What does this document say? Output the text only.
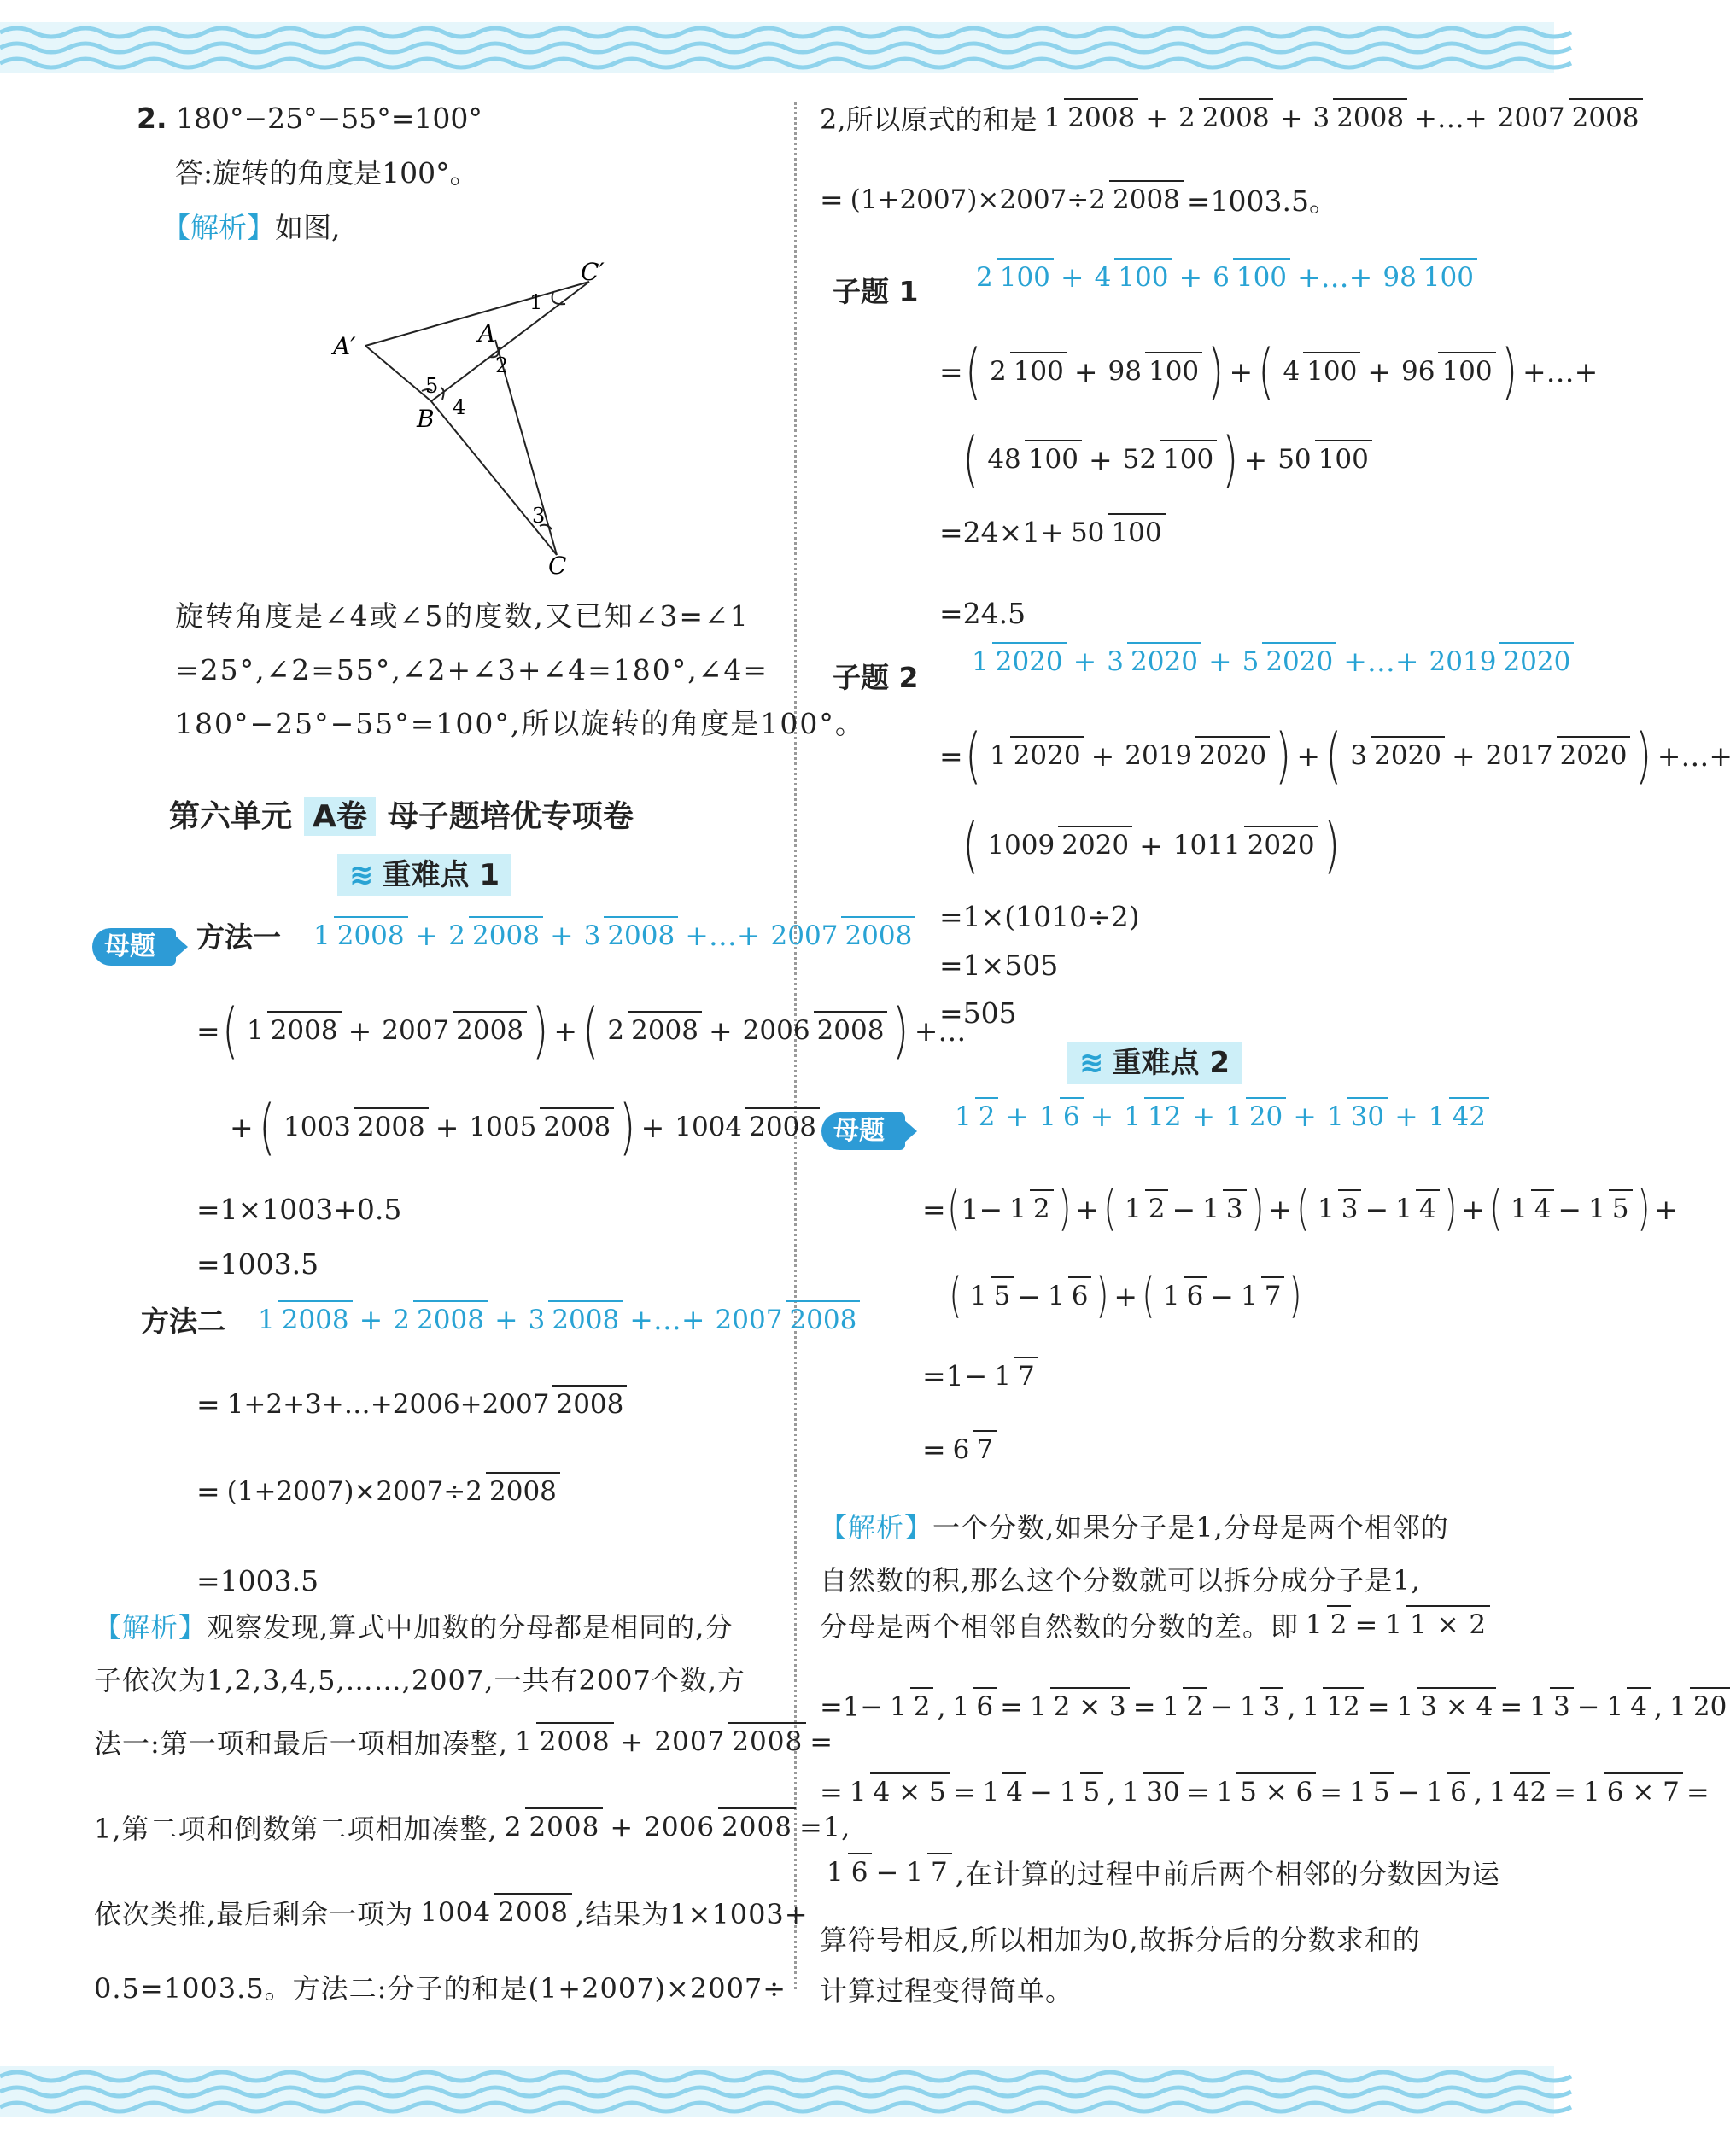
2. 180°−25°−55°=100°
答:旋转的角度是100°。
【解析】如图,
A′	A
B
C
C′
1
2
3
4
5
旋转角度是∠4或∠5的度数,又已知∠3=∠1
=25°,∠2=55°,∠2+∠3+∠4=180°,∠4=
180°−25°−55°=100°,所以旋转的角度是100°。
第六单元 A卷 母子题培优专项卷
≋ 重难点 1
母题	方法一 1 2008 + 2 2008 + 3 2008 +…+ 2007 2008
= ( 1 2008 + 2007 2008 ) + ( 2 2008 + 2006 2008 ) +…
+ ( 1003 2008 + 1005 2008 ) + 1004 2008
=1×1003+0.5
=1003.5
方法二 1 2008 + 2 2008 + 3 2008 +…+ 2007 2008
= 1+2+3+…+2006+2007 2008
= (1+2007)×2007÷2 2008
=1003.5
【解析】观察发现,算式中加数的分母都是相同的,分
子依次为1,2,3,4,5,……,2007,一共有2007个数,方
法一:第一项和最后一项相加凑整, 1 2008 + 2007 2008 =
1,第二项和倒数第二项相加凑整, 2 2008 + 2006 2008 =1,
依次类推,最后剩余一项为 1004 2008 ,结果为1×1003+
0.5=1003.5。方法二:分子的和是(1+2007)×2007÷
2,所以原式的和是 1 2008 + 2 2008 + 3 2008 +…+ 2007 2008
= (1+2007)×2007÷2 2008 =1003.5。
子题 1 2 100 + 4 100 + 6 100 +…+ 98 100
= ( 2 100 + 98 100 ) + ( 4 100 + 96 100 ) +…+
( 48 100 + 52 100 ) + 50 100
=24×1+ 50 100
=24.5
子题 2 1 2020 + 3 2020 + 5 2020 +…+ 2019 2020
= ( 1 2020 + 2019 2020 ) + ( 3 2020 + 2017 2020 ) +…+
( 1009 2020 + 1011 2020 )
=1×(1010÷2)
=1×505
=505
≋ 重难点 2
母题	1 2 + 1 6 + 1 12 + 1 20 + 1 30 + 1 42
= ( 1− 1 2 ) + ( 1 2 − 1 3 ) + ( 1 3 − 1 4 ) + ( 1 4 − 1 5 ) +
( 1 5 − 1 6 ) + ( 1 6 − 1 7 )
=1− 1 7
= 6 7
【解析】一个分数,如果分子是1,分母是两个相邻的
自然数的积,那么这个分数就可以拆分成分子是1,
分母是两个相邻自然数的分数的差。即 1 2 = 1 1 × 2
=1− 1 2 , 1 6 = 1 2 × 3 = 1 2 − 1 3 , 1 12 = 1 3 × 4 = 1 3 − 1 4 , 1 20
= 1 4 × 5 = 1 4 − 1 5 , 1 30 = 1 5 × 6 = 1 5 − 1 6 , 1 42 = 1 6 × 7 =
1 6 − 1 7 ,在计算的过程中前后两个相邻的分数因为运
算符号相反,所以相加为0,故拆分后的分数求和的
计算过程变得简单。
